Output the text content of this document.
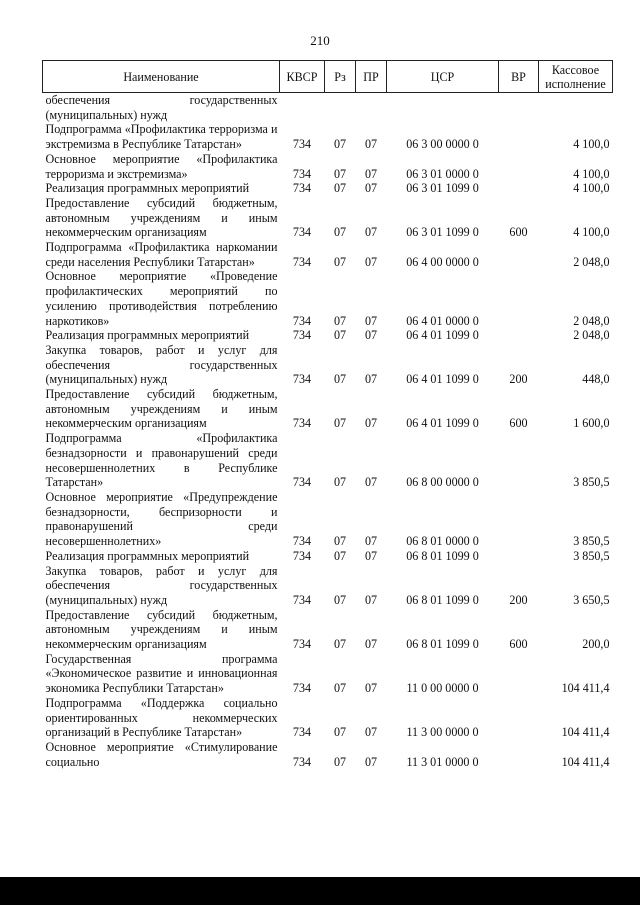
210
Наименование	КВСР	Рз	ПР	ЦСР	ВР	Кассовое исполнение
обеспечения государственных (муниципальных) нужд						
Подпрограмма «Профилактика терроризма и экстремизма в Республике Татарстан»	734	07	07	06 3 00 0000 0		4 100,0
Основное мероприятие «Профилактика терроризма и экстремизма»	734	07	07	06 3 01 0000 0		4 100,0
Реализация программных мероприятий	734	07	07	06 3 01 1099 0		4 100,0
Предоставление субсидий бюджетным, автономным учреждениям и иным некоммерческим организациям	734	07	07	06 3 01 1099 0	600	4 100,0
Подпрограмма «Профилактика наркомании среди населения Республики Татарстан»	734	07	07	06 4 00 0000 0		2 048,0
Основное мероприятие «Проведение профилактических мероприятий по усилению противодействия потреблению наркотиков»	734	07	07	06 4 01 0000 0		2 048,0
Реализация программных мероприятий	734	07	07	06 4 01 1099 0		2 048,0
Закупка товаров, работ и услуг для обеспечения государственных (муниципальных) нужд	734	07	07	06 4 01 1099 0	200	448,0
Предоставление субсидий бюджетным, автономным учреждениям и иным некоммерческим организациям	734	07	07	06 4 01 1099 0	600	1 600,0
Подпрограмма «Профилактика безнадзорности и правонарушений среди несовершеннолетних в Республике Татарстан»	734	07	07	06 8 00 0000 0		3 850,5
Основное мероприятие «Предупреждение безнадзорности, беспризорности и правонарушений среди несовершеннолетних»	734	07	07	06 8 01 0000 0		3 850,5
Реализация программных мероприятий	734	07	07	06 8 01 1099 0		3 850,5
Закупка товаров, работ и услуг для обеспечения государственных (муниципальных) нужд	734	07	07	06 8 01 1099 0	200	3 650,5
Предоставление субсидий бюджетным, автономным учреждениям и иным некоммерческим организациям	734	07	07	06 8 01 1099 0	600	200,0
Государственная программа «Экономическое развитие и инновационная экономика Республики Татарстан»	734	07	07	11 0 00 0000 0		104 411,4
Подпрограмма «Поддержка социально ориентированных некоммерческих организаций в Республике Татарстан»	734	07	07	11 3 00 0000 0		104 411,4
Основное мероприятие «Стимулирование социально	734	07	07	11 3 01 0000 0		104 411,4
